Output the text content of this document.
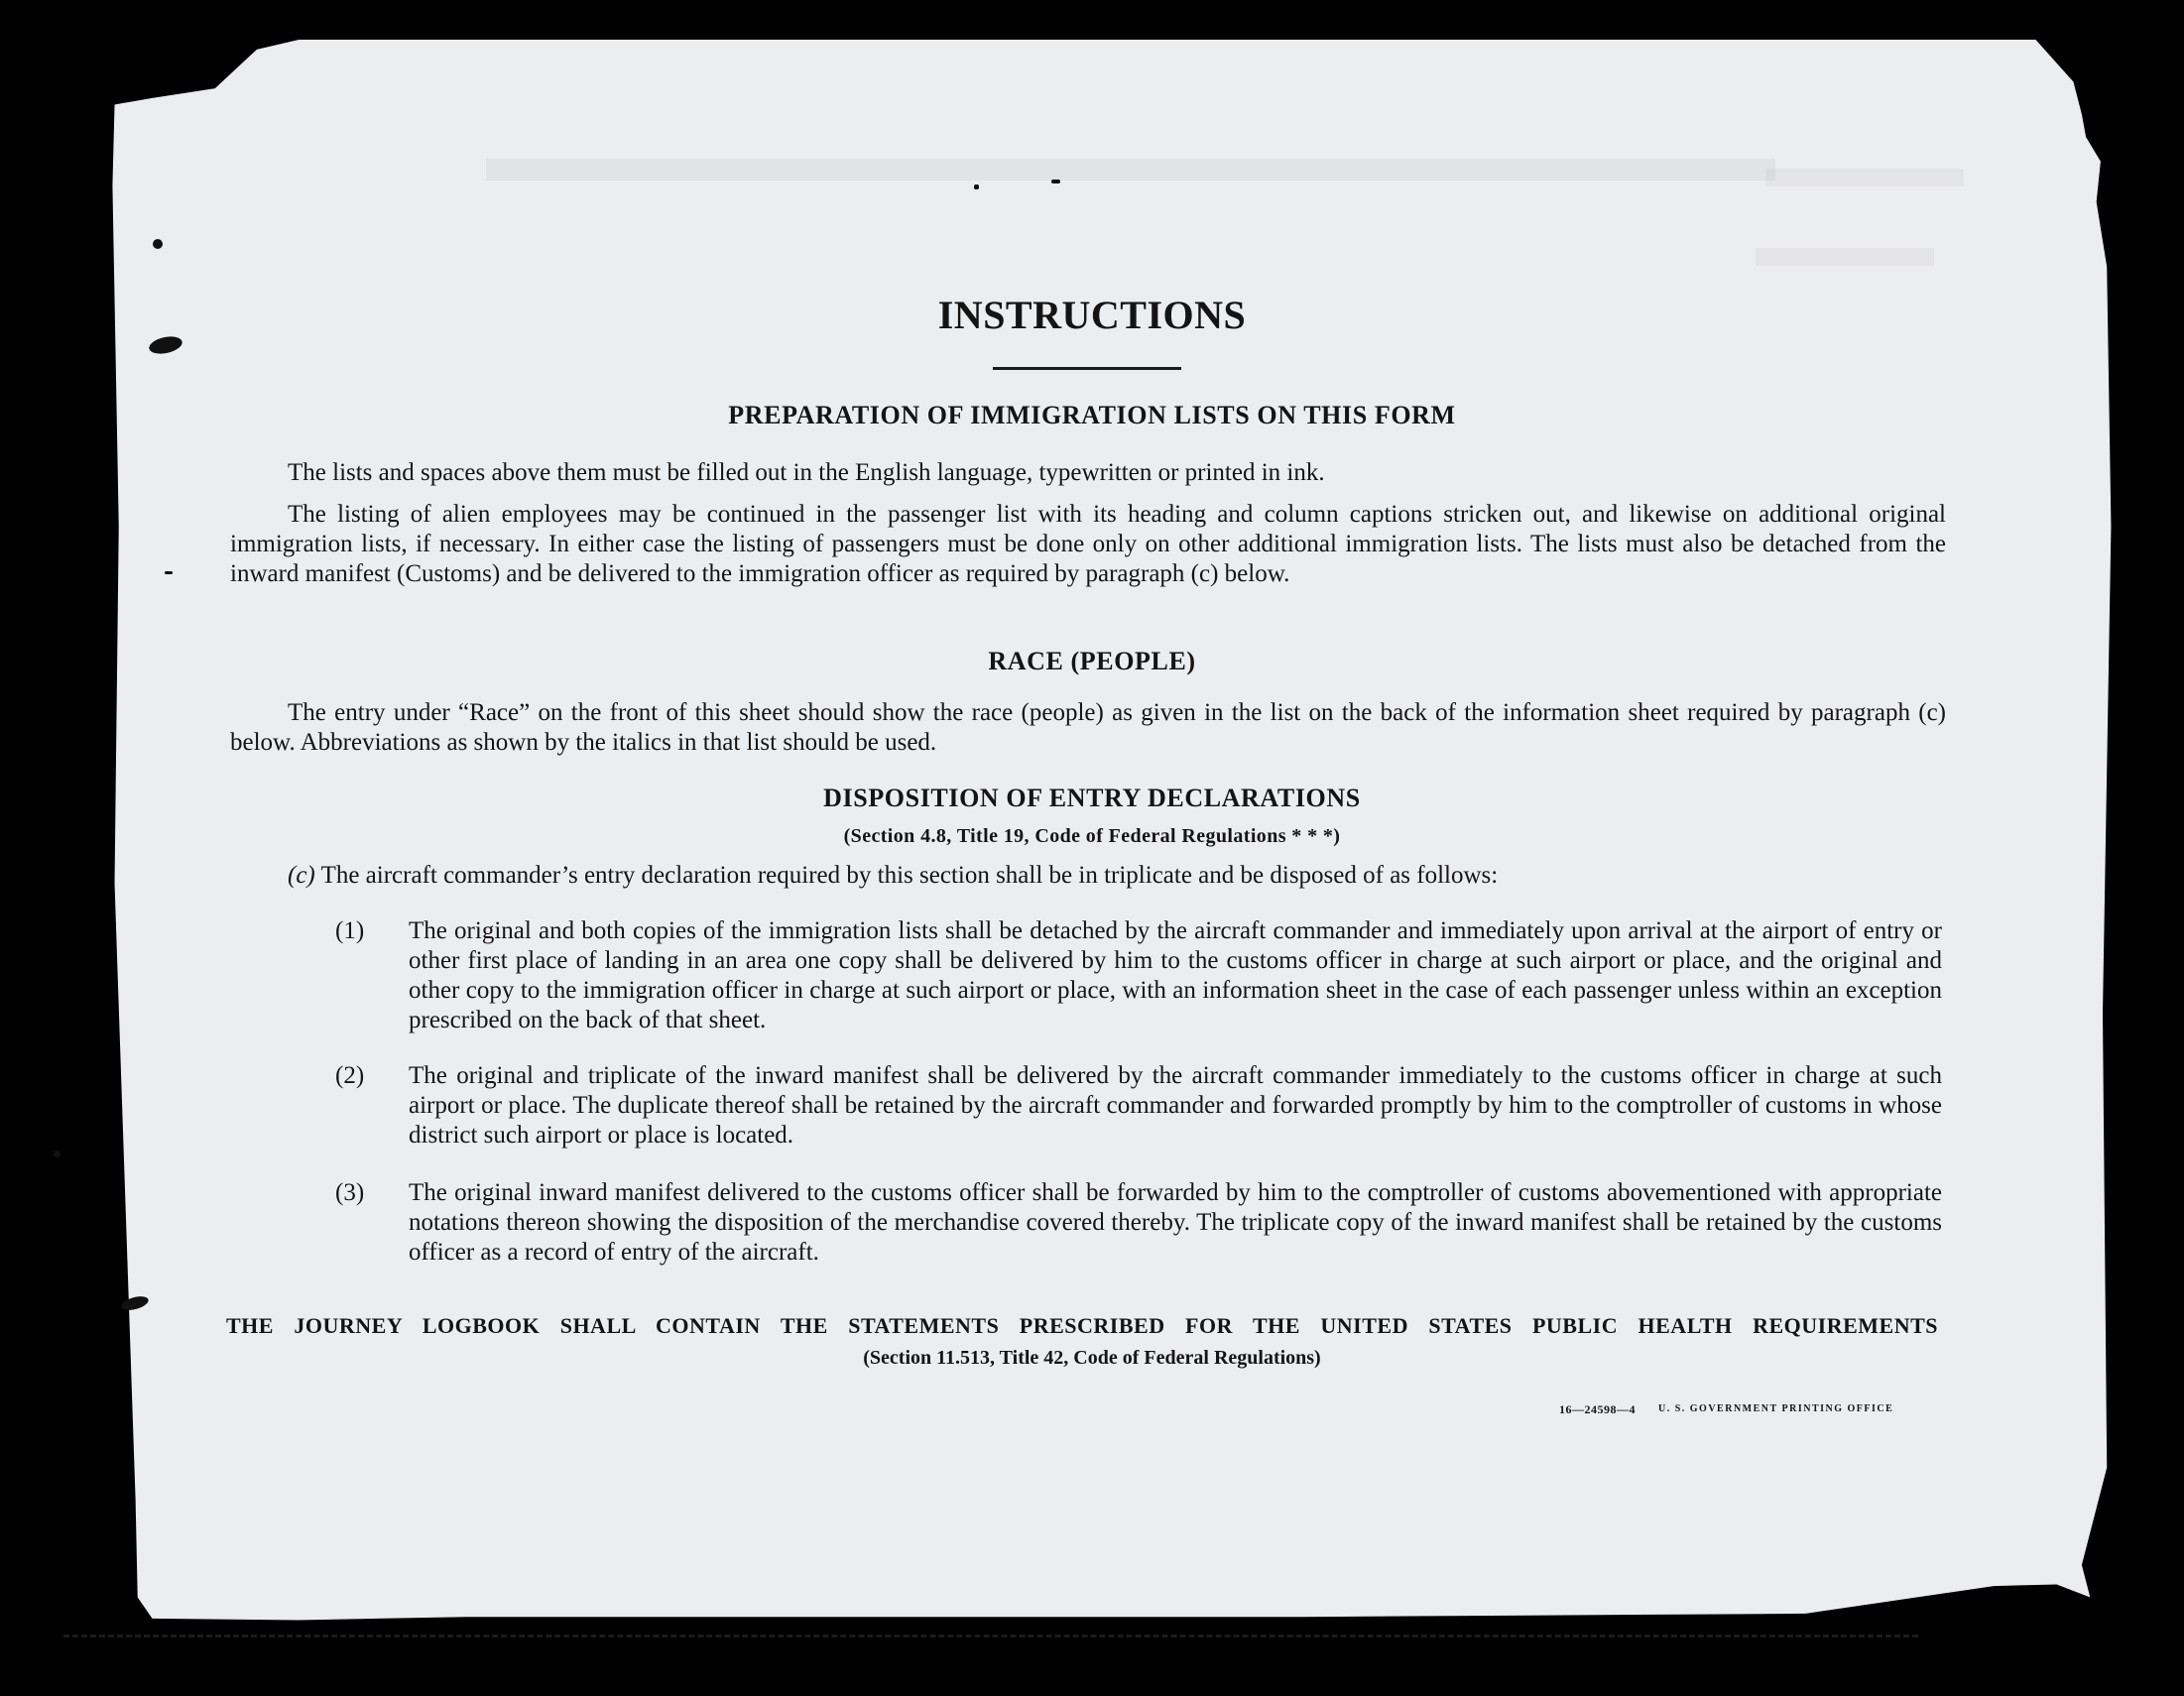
INSTRUCTIONS
PREPARATION OF IMMIGRATION LISTS ON THIS FORM

The lists and spaces above them must be filled out in the English language, typewritten or printed in ink.

The listing of alien employees may be continued in the passenger list with its heading and column captions stricken out, and likewise on additional original immigration lists, if necessary. In either case the listing of passengers must be done only on other additional immigration lists. The lists must also be detached from the inward manifest (Customs) and be delivered to the immigration officer as required by paragraph (c) below.

RACE (PEOPLE)

The entry under “Race” on the front of this sheet should show the race (people) as given in the list on the back of the information sheet required by paragraph (c) below. Abbreviations as shown by the italics in that list should be used.

DISPOSITION OF ENTRY DECLARATIONS
(Section 4.8, Title 19, Code of Federal Regulations * * *)

(c) The aircraft commander’s entry declaration required by this section shall be in triplicate and be disposed of as follows:

(1) The original and both copies of the immigration lists shall be detached by the aircraft commander and immediately upon arrival at the airport of entry or other first place of landing in an area one copy shall be delivered by him to the customs officer in charge at such airport or place, and the original and other copy to the immigration officer in charge at such airport or place, with an information sheet in the case of each passenger unless within an exception prescribed on the back of that sheet.

(2) The original and triplicate of the inward manifest shall be delivered by the aircraft commander immediately to the customs officer in charge at such airport or place. The duplicate thereof shall be retained by the aircraft commander and forwarded promptly by him to the comptroller of customs in whose district such airport or place is located.

(3) The original inward manifest delivered to the customs officer shall be forwarded by him to the comptroller of customs abovementioned with appropriate notations thereon showing the disposition of the merchandise covered thereby. The triplicate copy of the inward manifest shall be retained by the customs officer as a record of entry of the aircraft.

THE JOURNEY LOGBOOK SHALL CONTAIN THE STATEMENTS PRESCRIBED FOR THE UNITED STATES PUBLIC HEALTH REQUIREMENTS
(Section 11.513, Title 42, Code of Federal Regulations)
16—24598—4 U. S. GOVERNMENT PRINTING OFFICE
